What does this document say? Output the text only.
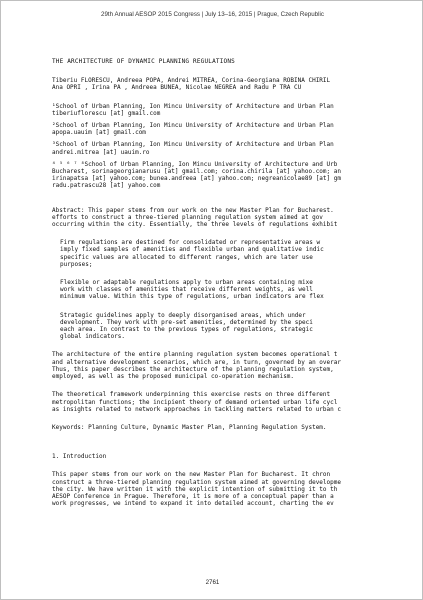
29th Annual AESOP 2015 Congress | July 13–16, 2015 | Prague, Czech Republic
THE ARCHITECTURE OF DYNAMIC PLANNING REGULATIONS
Tiberiu FLORESCU, Andreea POPA, Andrei MITREA, Corina-Georgiana ROBINA CHIRIL
Ana OPRI , Irina PA , Andreea BUNEA, Nicolae NEGREA and Radu P TRA CU
¹School of Urban Planning, Ion Mincu University of Architecture and Urban Plan
tiberiuflorescu [at] gmail.com
²School of Urban Planning, Ion Mincu University of Architecture and Urban Plan
apopa.uauim [at] gmail.com
³School of Urban Planning, Ion Mincu University of Architecture and Urban Plan
andrei.mitrea [at] uauim.ro
⁴ ⁵ ⁶ ⁷ ⁸School of Urban Planning, Ion Mincu University of Architecture and Urb
Bucharest, sorinageorgianarusu [at] gmail.com; corina.chirila [at] yahoo.com; an
irinapatsa [at] yahoo.com; bunea.andreea [at] yahoo.com; negreanicolae89 [at] gm
radu.patrascu28 [at] yahoo.com
Abstract: This paper stems from our work on the new Master Plan for Bucharest.
efforts to construct a three-tiered planning regulation system aimed at gov
occurring within the city. Essentially, the three levels of regulations exhibit
Firm regulations are destined for consolidated or representative areas w
imply fixed samples of amenities and flexible urban and qualitative indic
specific values are allocated to different ranges, which are later use
purposes;
Flexible or adaptable regulations apply to urban areas containing mixe
work with classes of amenities that receive different weights, as well
minimum value. Within this type of regulations, urban indicators are flex
Strategic guidelines apply to deeply disorganised areas, which under
development. They work with pre-set amenities, determined by the speci
each area. In contrast to the previous types of regulations, strategic
global indicators.
The architecture of the entire planning regulation system becomes operational t
and alternative development scenarios, which are, in turn, governed by an overar
Thus, this paper describes the architecture of the planning regulation system,
employed, as well as the proposed municipal co-operation mechanism.
The theoretical framework underpinning this exercise rests on three different
metropolitan functions; the incipient theory of demand oriented urban life cycl
as insights related to network approaches in tackling matters related to urban c
Keywords: Planning Culture, Dynamic Master Plan, Planning Regulation System.
1. Introduction
This paper stems from our work on the new Master Plan for Bucharest. It chron
construct a three-tiered planning regulation system aimed at governing developme
the city. We have written it with the explicit intention of submitting it to th
AESOP Conference in Prague. Therefore, it is more of a conceptual paper than a
work progresses, we intend to expand it into detailed account, charting the ev
2761
